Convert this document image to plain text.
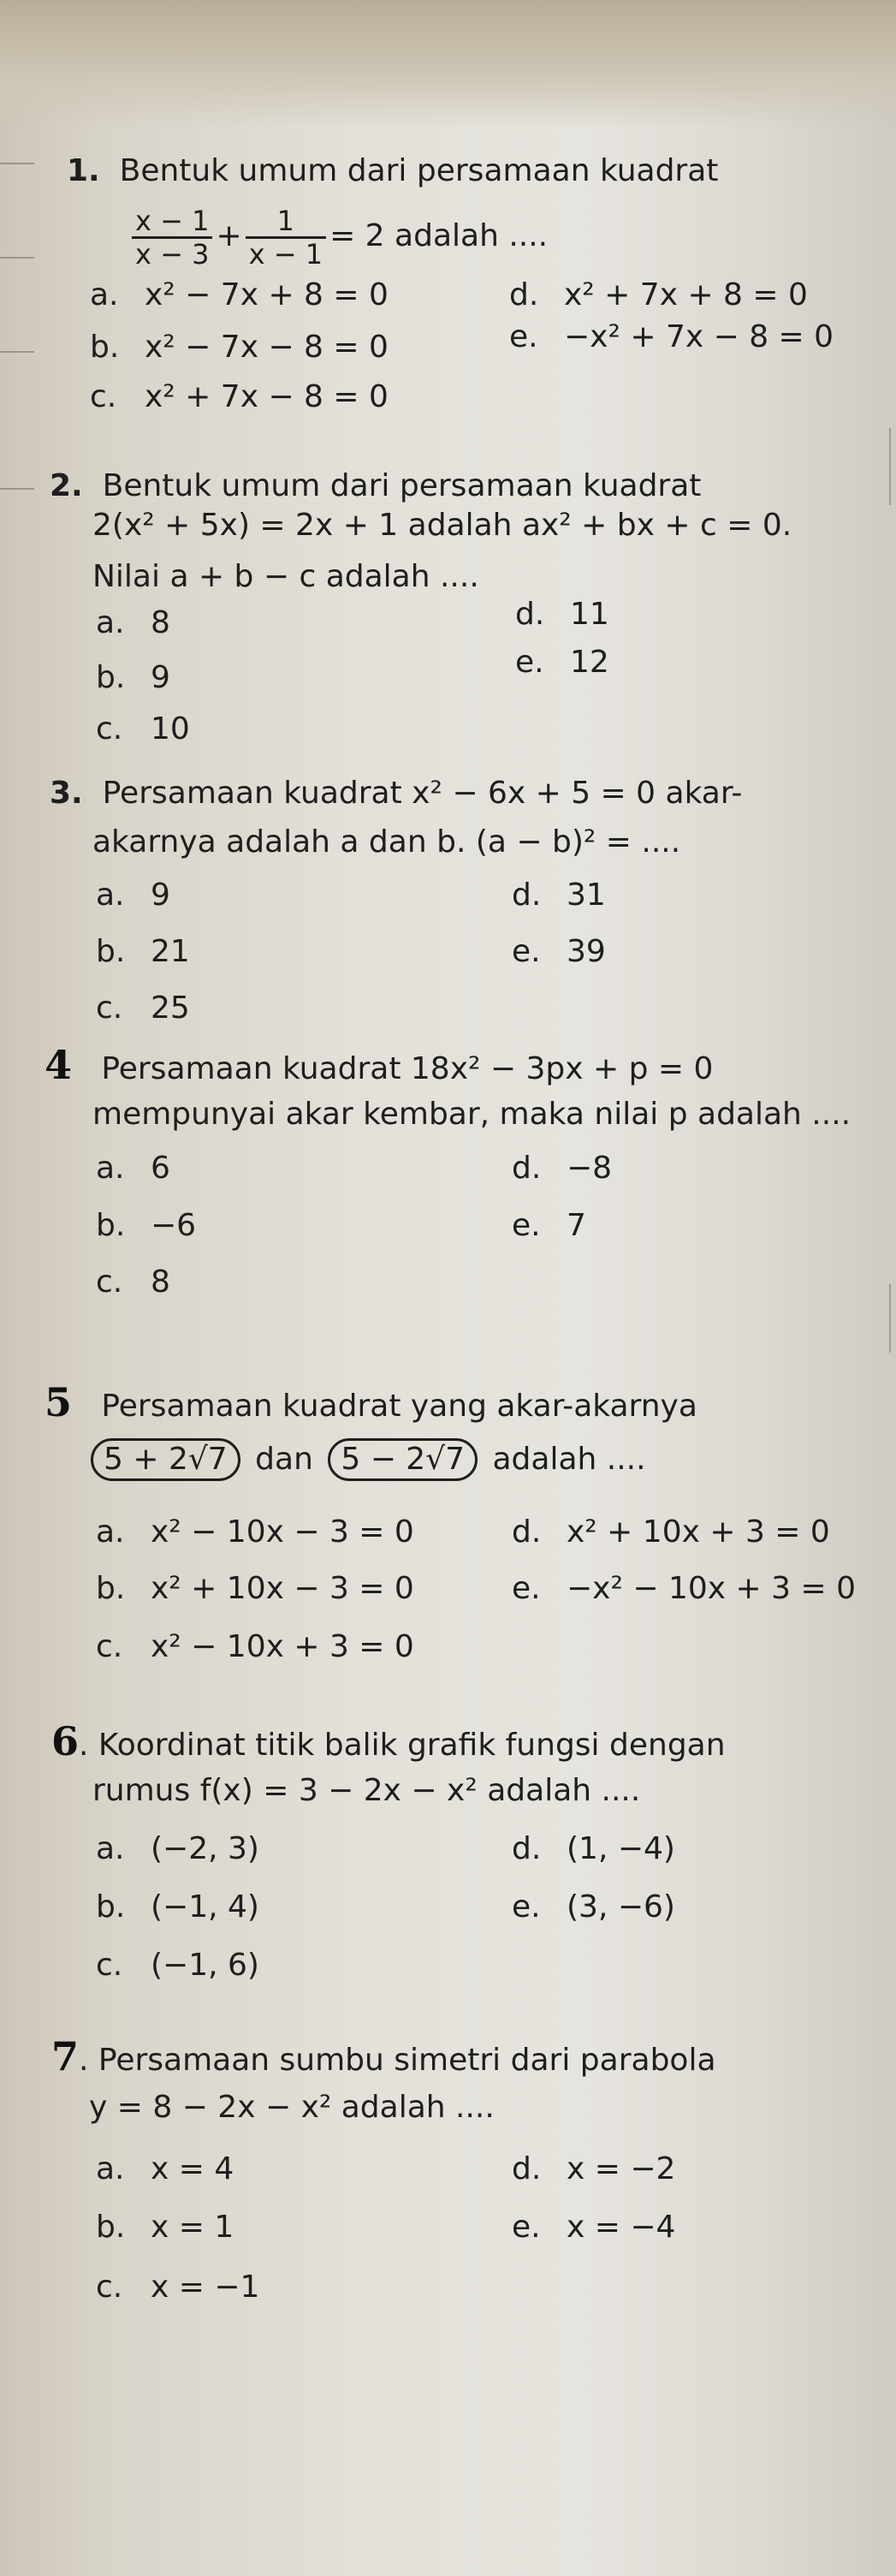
1. Bentuk umum dari persamaan kuadrat
$\frac{x - 1}{x - 3} + \frac{1}{x - 1} = 2$ adalah ....
a. x² − 7x + 8 = 0
b. x² − 7x − 8 = 0
c. x² + 7x − 8 = 0
d. x² + 7x + 8 = 0
e. −x² + 7x − 8 = 0
2. Bentuk umum dari persamaan kuadrat
2(x² + 5x) = 2x + 1 adalah ax² + bx + c = 0.
Nilai a + b − c adalah ....
a. 8
b. 9
c. 10
d. 11
e. 12
3. Persamaan kuadrat x² − 6x + 5 = 0 akar-
akarnya adalah a dan b. (a − b)² = ....
a. 9
b. 21
c. 25
d. 31
e. 39
4 Persamaan kuadrat 18x² − 3px + p = 0
mempunyai akar kembar, maka nilai p adalah ....
a. 6
b. −6
c. 8
d. −8
e. 7
5 Persamaan kuadrat yang akar-akarnya
5 + 2√7 dan 5 − 2√7 adalah ....
a. x² − 10x − 3 = 0
b. x² + 10x − 3 = 0
c. x² − 10x + 3 = 0
d. x² + 10x + 3 = 0
e. −x² − 10x + 3 = 0
6. Koordinat titik balik grafik fungsi dengan
rumus f(x) = 3 − 2x − x² adalah ....
a. (−2, 3)
b. (−1, 4)
c. (−1, 6)
d. (1, −4)
e. (3, −6)
7. Persamaan sumbu simetri dari parabola
y = 8 − 2x − x² adalah ....
a. x = 4
b. x = 1
c. x = −1
d. x = −2
e. x = −4
